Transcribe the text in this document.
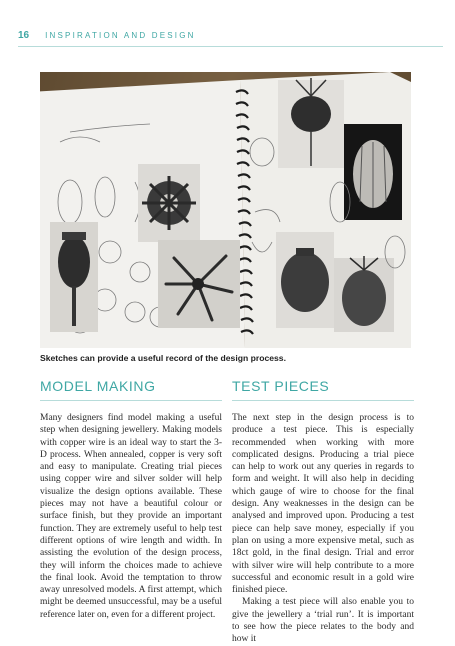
16 INSPIRATION AND DESIGN
Sketches can provide a useful record of the design process.
MODEL MAKING

Many designers find model making a useful step when designing jewellery. Making models with copper wire is an ideal way to start the 3-D process. When annealed, copper is very soft and easy to manipulate. Creating trial pieces using copper wire and silver solder will help visualize the design options available. These pieces may not have a beautiful colour or surface finish, but they provide an important function. They are extremely useful to help test different options of wire length and width. In assisting the evolution of the design process, they will inform the choices made to achieve the final look. Avoid the temptation to throw away unresolved models. A first attempt, which might be deemed unsuccessful, may be a useful reference later on, even for a different project.

TEST PIECES

The next step in the design process is to produce a test piece. This is especially recommended when working with more complicated designs. Producing a trial piece can help to work out any queries in regards to form and weight. It will also help in deciding which gauge of wire to choose for the final design. Any weaknesses in the design can be analysed and improved upon. Producing a test piece can help save money, especially if you plan on using a more expensive metal, such as 18ct gold, in the final design. Trial and error with silver wire will help contribute to a more successful and economic result in a gold wire finished piece.

Making a test piece will also enable you to give the jewellery a ‘trial run’. It is important to see how the piece relates to the body and how it
